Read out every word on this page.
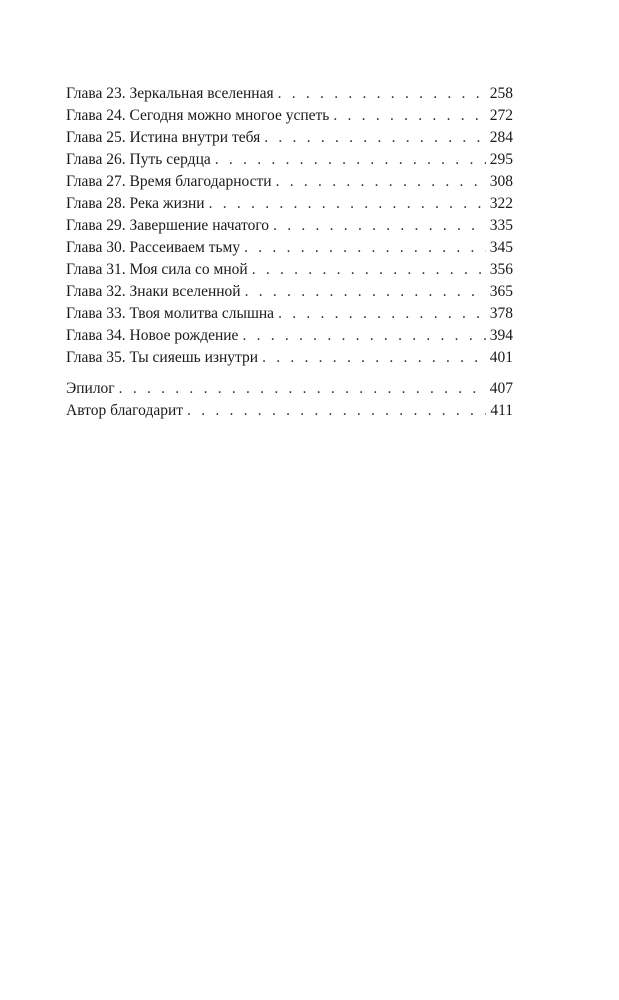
Глава 23. Зеркальная вселенная . . .	258
Глава 24. Сегодня можно многое успеть . . .	272
Глава 25. Истина внутри тебя . . .	284
Глава 26. Путь сердца . . .	295
Глава 27. Время благодарности . . .	308
Глава 28. Река жизни . . .	322
Глава 29. Завершение начатого . . .	335
Глава 30. Рассеиваем тьму . . .	345
Глава 31. Моя сила со мной . . .	356
Глава 32. Знаки вселенной . . .	365
Глава 33. Твоя молитва слышна . . .	378
Глава 34. Новое рождение . . .	394
Глава 35. Ты сияешь изнутри . . .	401
Эпилог . . .	407
Автор благодарит . . .	411
